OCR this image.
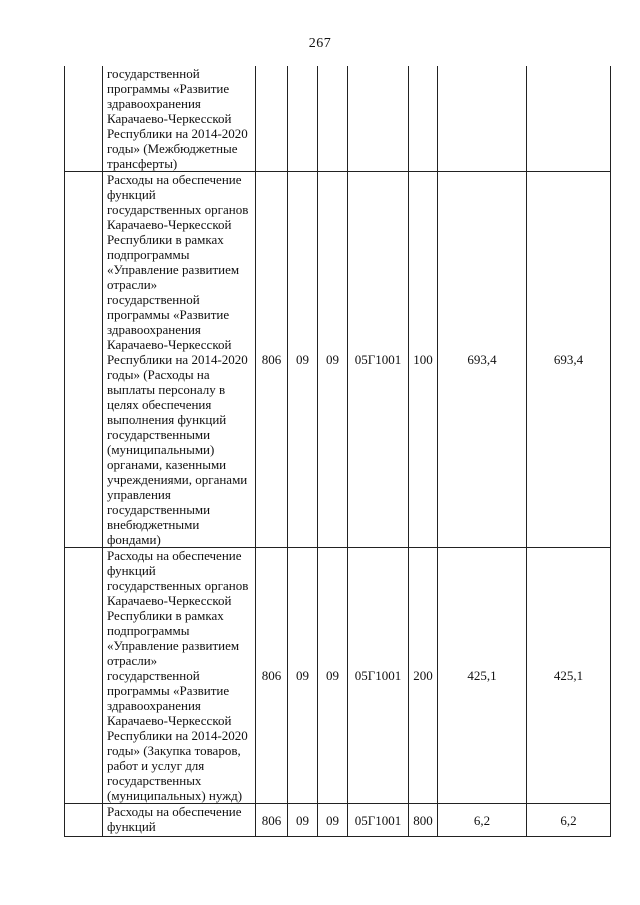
267

	государственной программы «Развитие здравоохранения Карачаево-Черкесской Республики на 2014-2020 годы» (Межбюджетные трансферты)							

	Расходы на обеспечение функций государственных органов Карачаево-Черкесской Республики в рамках подпрограммы «Управление развитием отрасли» государственной программы «Развитие здравоохранения Карачаево-Черкесской Республики на 2014-2020 годы» (Расходы на выплаты персоналу в целях обеспечения выполнения функций государственными (муниципальными) органами, казенными учреждениями, органами управления государственными внебюджетными фондами)	806	09	09	05Г1001	100	693,4	693,4

	Расходы на обеспечение функций государственных органов Карачаево-Черкесской Республики в рамках подпрограммы «Управление развитием отрасли» государственной программы «Развитие здравоохранения Карачаево-Черкесской Республики на 2014-2020 годы» (Закупка товаров, работ и услуг для государственных (муниципальных) нужд)	806	09	09	05Г1001	200	425,1	425,1

	Расходы на обеспечение функций	806	09	09	05Г1001	800	6,2	6,2
